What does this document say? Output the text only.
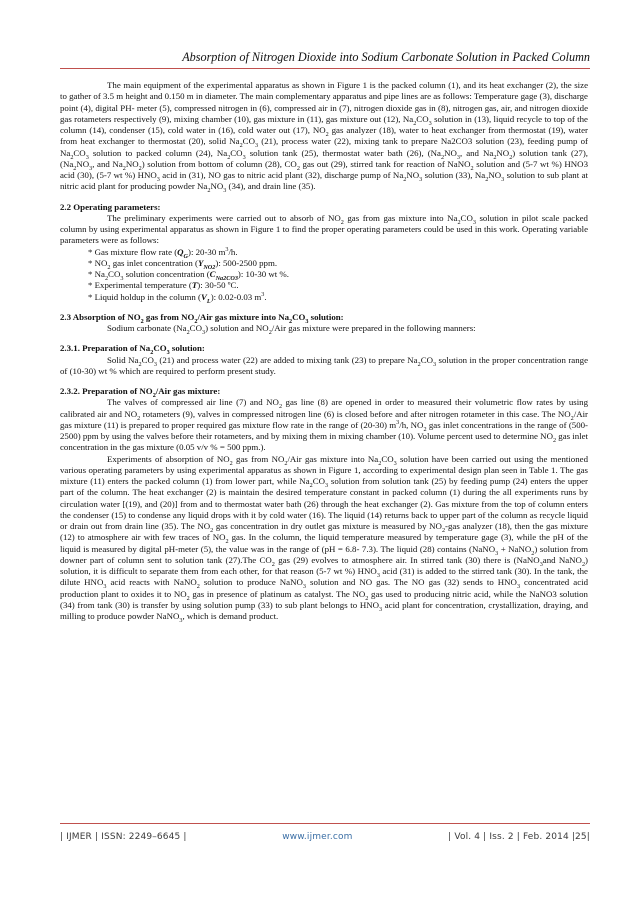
Absorption of Nitrogen Dioxide into Sodium Carbonate Solution in Packed Column

The main equipment of the experimental apparatus as shown in Figure 1 is the packed column (1), and its heat exchanger (2), the size to gather of 3.5 m height and 0.150 m in diameter. The main complementary apparatus and pipe lines are as follows: Temperature gage (3), discharge point (4), digital PH- meter (5), compressed nitrogen in (6), compressed air in (7), nitrogen dioxide gas in (8), nitrogen gas, air, and nitrogen dioxide gas rotameters respectively (9), mixing chamber (10), gas mixture in (11), gas mixture out (12), $Na_2CO_3$ solution in (13), liquid recycle to top of the column (14), condenser (15), cold water in (16), cold water out (17), $NO_2$ gas analyzer (18), water to heat exchanger from thermostat (19), water from heat exchanger to thermostat (20), solid $Na_2CO_3$ (21), process water (22), mixing tank to prepare Na2CO3 solution (23), feeding pump of $Na_2CO_3$ solution to packed column (24), $Na_2CO_3$ solution tank (25), thermostat water bath (26), ($Na_2NO_3$, and $Na_2NO_2$) solution tank (27), ($Na_2NO_3$, and $Na_2NO_2$) solution from bottom of column (28), $CO_2$ gas out (29), stirred tank for reaction of NaNO$_2$ solution and (5-7 wt %) HNO3 acid (30), (5-7 wt %) $HNO_3$ acid in (31), NO gas to nitric acid plant (32), discharge pump of $Na_2NO_3$ solution (33), $Na_2NO_3$ solution to sub plant at nitric acid plant for producing powder $Na_2NO_3$ (34), and drain line (35).

2.2 Operating parameters:

The preliminary experiments were carried out to absorb of $NO_2$ gas from gas mixture into $Na_2CO_3$ solution in pilot scale packed column by using experimental apparatus as shown in Figure 1 to find the proper operating parameters could be used in this work. Operating variable parameters were as follows:

* Gas mixture flow rate $(Q_G)$: 20-30 $m^3/h$.

* $NO_2$ gas inlet concentration $(Y_{NO2})$: 500-2500 ppm.

* $Na_2CO_3$ solution concentration $(C_{Na2CO3})$: 10-30 wt %.

* Experimental temperature (T): 30-50 ºC.

* Liquid holdup in the column $(V_L)$: 0.02-0.03 $m^3$.

2.3 Absorption of $NO_2$ gas from $NO_2$/Air gas mixture into $Na_2CO_3$ solution:

Sodium carbonate $(Na_2CO_3)$ solution and $NO_2$/Air gas mixture were prepared in the following manners:

2.3.1. Preparation of $Na_2CO_3$ solution:

Solid $Na_2CO_3$ (21) and process water (22) are added to mixing tank (23) to prepare $Na_2CO_3$ solution in the proper concentration range of (10-30) wt % which are required to perform present study.

2.3.2. Preparation of $NO_2$/Air gas mixture:

The valves of compressed air line (7) and $NO_2$ gas line (8) are opened in order to measured their volumetric flow rates by using calibrated air and $NO_2$ rotameters (9), valves in compressed nitrogen line (6) is closed before and after nitrogen rotameter in this case. The $NO_2$/Air gas mixture (11) is prepared to proper required gas mixture flow rate in the range of (20-30) $m^3/h$, $NO_2$ gas inlet concentrations in the range of (500-2500) ppm by using the valves before their rotameters, and by mixing them in mixing chamber (10). Volume percent used to determine $NO_2$ gas inlet concentration in the gas mixture (0.05 v/v % = 500 ppm.).

Experiments of absorption of $NO_2$ gas from $NO_2$/Air gas mixture into $Na_2CO_3$ solution have been carried out using the mentioned various operating parameters by using experimental apparatus as shown in Figure 1, according to experimental design plan seen in Table 1. The gas mixture (11) enters the packed column (1) from lower part, while $Na_2CO_3$ solution from solution tank (25) by feeding pump (24) enters the upper part of the column. The heat exchanger (2) is maintain the desired temperature constant in packed column (1) during the all experiments runs by circulation water [(19), and (20)] from and to thermostat water bath (26) through the heat exchanger (2). Gas mixture from the top of column enters the condenser (15) to condense any liquid drops with it by cold water (16). The liquid (14) returns back to upper part of the column as recycle liquid or drain out from drain line (35). The $NO_2$ gas concentration in dry outlet gas mixture is measured by $NO_2$-gas analyzer (18), then the gas mixture (12) to atmosphere air with few traces of $NO_2$ gas. In the column, the liquid temperature measured by temperature gage (3), while the pH of the liquid is measured by digital pH-meter (5), the value was in the range of (pH = 6.8- 7.3). The liquid (28) contains (NaNO$_3$ + NaNO$_2$) solution from downer part of column sent to solution tank (27).The $CO_2$ gas (29) evolves to atmosphere air. In stirred tank (30) there is (NaNO$_3$and NaNO$_2$) solution, it is difficult to separate them from each other, for that reason (5-7 wt %) $HNO_3$ acid (31) is added to the stirred tank (30). In the tank, the dilute $HNO_3$ acid reacts with NaNO$_2$ solution to produce NaNO$_3$ solution and NO gas. The NO gas (32) sends to $HNO_3$ concentrated acid production plant to oxides it to $NO_2$ gas in presence of platinum as catalyst. The $NO_2$ gas used to producing nitric acid, while the NaNO3 solution (34) from tank (30) is transfer by using solution pump (33) to sub plant belongs to $HNO_3$ acid plant for concentration, crystallization, draying, and milling to produce powder NaNO$_3$, which is demand product.

| IJMER | ISSN: 2249–6645 |	www.ijmer.com	| Vol. 4 | Iss. 2 | Feb. 2014 |25|
